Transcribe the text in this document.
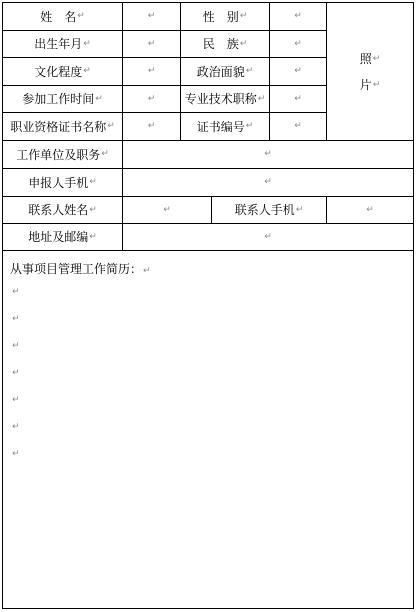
姓　名 ↵	↵	性　别 ↵	↵
出生年月 ↵	↵	民　族 ↵	↵
文化程度 ↵	↵	政治面貌 ↵	↵
参加工作时间 ↵	↵ 专业技术职称 ↵	↵
职业资格证书名称 ↵	↵	证书编号 ↵	↵
照 ↵
片 ↵
工作单位及职务 ↵	↵
申报人手机 ↵	↵
联系人姓名 ↵	↵	联系人手机 ↵	↵
地址及邮编 ↵	↵
从事项目管理工作简历：↵
↵
↵
↵
↵
↵
↵
↵
